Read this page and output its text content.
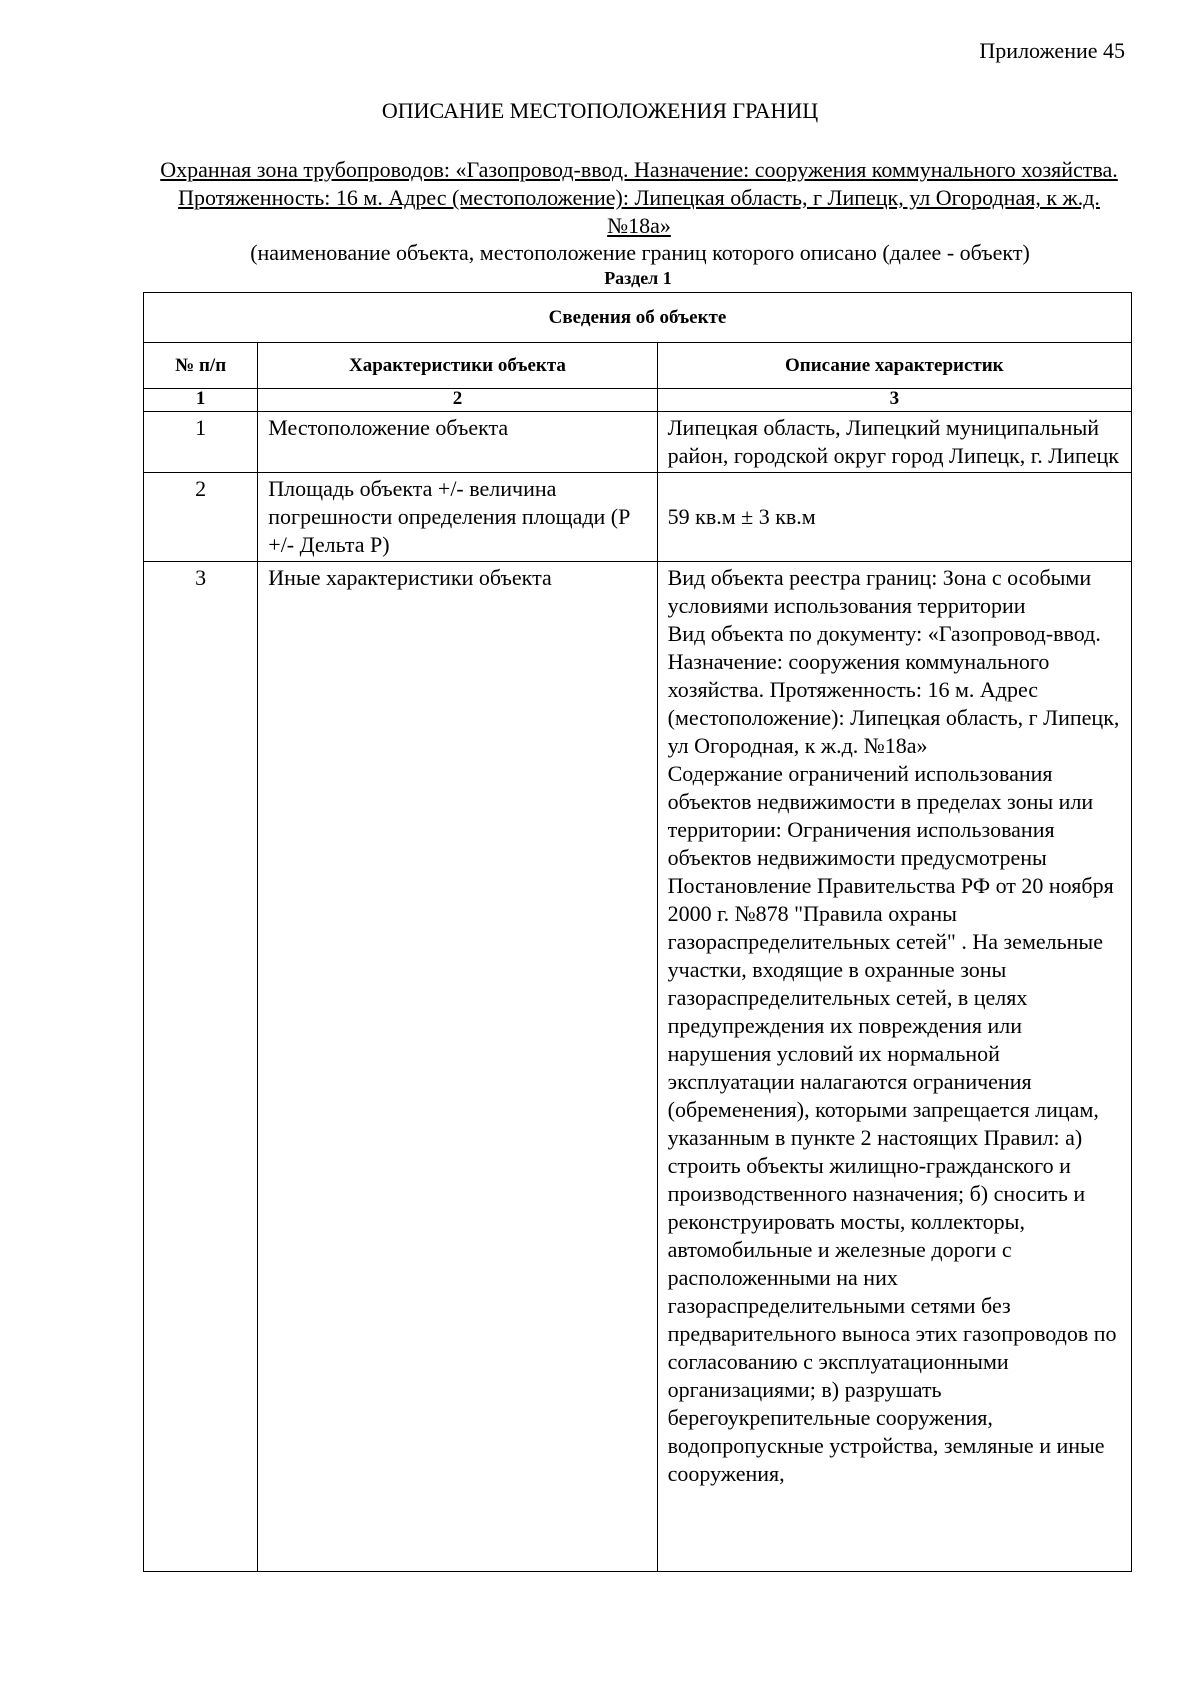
Приложение 45
ОПИСАНИЕ МЕСТОПОЛОЖЕНИЯ ГРАНИЦ
Охранная зона трубопроводов: «Газопровод-ввод. Назначение: сооружения коммунального хозяйства. Протяженность: 16 м. Адрес (местоположение): Липецкая область, г Липецк, ул Огородная, к ж.д. №18а»
(наименование объекта, местоположение границ которого описано (далее - объект)
Раздел 1
Сведения об объекте		
№ п/п	Характеристики объекта	Описание характеристик
1	2	3
1	Местоположение объекта	Липецкая область, Липецкий муниципальный район, городской округ город Липецк, г. Липецк
2	Площадь объекта +/- величина погрешности определения площади (Р +/- Дельта Р)	59 кв.м ± 3 кв.м
3	Иные характеристики объекта	Вид объекта реестра границ: Зона с особыми условиями использования территории
Вид объекта по документу: «Газопровод-ввод. Назначение: сооружения коммунального хозяйства. Протяженность: 16 м. Адрес (местоположение): Липецкая область, г Липецк, ул Огородная, к ж.д. №18а»
Содержание ограничений использования объектов недвижимости в пределах зоны или территории: Ограничения использования объектов недвижимости предусмотрены Постановление Правительства РФ от 20 ноября 2000 г. №878 "Правила охраны газораспределительных сетей" . На земельные участки, входящие в охранные зоны газораспределительных сетей, в целях предупреждения их повреждения или нарушения условий их нормальной эксплуатации налагаются ограничения (обременения), которыми запрещается лицам, указанным в пункте 2 настоящих Правил: а) строить объекты жилищно-гражданского и производственного назначения; б) сносить и реконструировать мосты, коллекторы, автомобильные и железные дороги с расположенными на них газораспределительными сетями без предварительного выноса этих газопроводов по согласованию с эксплуатационными организациями; в) разрушать берегоукрепительные сооружения, водопропускные устройства, земляные и иные сооружения,
